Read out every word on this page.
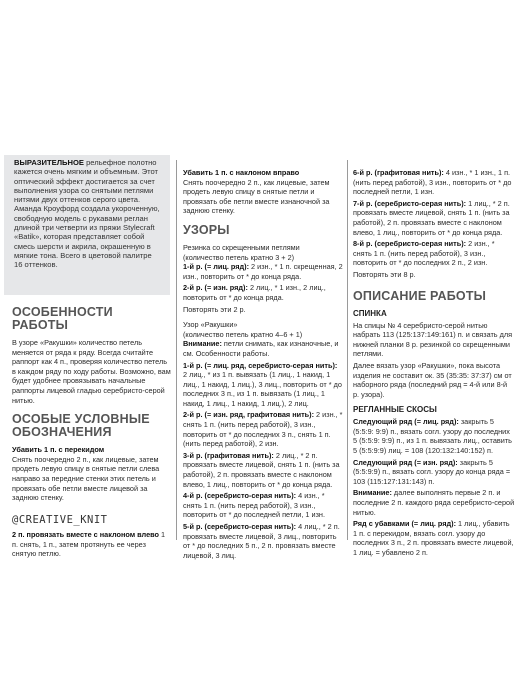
ВЫРАЗИТЕЛЬНОЕ рельефное полотно кажется очень мягким и объемным. Этот оптический эффект достигается за счет выполнения узора со снятыми петлями нитями двух оттенков серого цвета. Аманда Кроуфорд создала укороченную, свободную модель с рукавами реглан длиной три четверти из пряжи Stylecraft «Batik», которая представляет собой смесь шерсти и акрила, окрашенную в мягкие тона. Всего в цветовой палитре 16 оттенков.
ОСОБЕННОСТИ РАБОТЫ

В узоре «Ракушки» количество петель меняется от ряда к ряду. Всегда считайте раппорт как 4 п., проверяя количество петель в каждом ряду по ходу работы. Возможно, вам будет удобнее провязывать начальные раппорты лицевой гладью серебристо-серой нитью.

ОСОБЫЕ УСЛОВНЫЕ ОБОЗНАЧЕНИЯ
Убавить 1 п. с перекидом

Снять поочередно 2 п., как лицевые, затем продеть левую спицу в снятые петли слева направо за передние стенки этих петель и провязать обе петли вместе лицевой за заднюю стенку.

@CREATIVE_KNIT

2 п. провязать вместе с наклоном влево 1 п. снять, 1 п., затем протянуть ее через снятую петлю.

Убавить 1 п. с наклоном вправо

Снять поочередно 2 п., как лицевые, затем продеть левую спицу в снятые петли и провязать обе петли вместе изнаночной за заднюю стенку.

УЗОРЫ
Резинка со скрещенными петлями
(количество петель кратно 3 + 2)

1-й р. (= лиц. ряд): 2 изн., * 1 п. скрещенная, 2 изн., повторить от * до конца ряда.

2-й р. (= изн. ряд): 2 лиц., * 1 изн., 2 лиц., повторить от * до конца ряда.

Повторять эти 2 р.

Узор «Ракушки»
(количество петель кратно 4–6 + 1)

Внимание: петли снимать, как изнаночные, и см. Особенности работы.

1-й р. (= лиц. ряд, серебристо-серая нить): 2 лиц., * из 1 п. вывязать (1 лиц., 1 накид, 1 лиц., 1 накид, 1 лиц.), 3 лиц., повторить от * до последних 3 п., из 1 п. вывязать (1 лиц., 1 накид, 1 лиц., 1 накид, 1 лиц.), 2 лиц.

2-й р. (= изн. ряд, графитовая нить): 2 изн., * снять 1 п. (нить перед работой), 3 изн., повторить от * до последних 3 п., снять 1 п. (нить перед работой), 2 изн.

3-й р. (графитовая нить): 2 лиц., * 2 п. провязать вместе лицевой, снять 1 п. (нить за работой), 2 п. провязать вместе с наклоном влево, 1 лиц., повторить от * до конца ряда.

4-й р. (серебристо-серая нить): 4 изн., * снять 1 п. (нить перед работой), 3 изн., повторить от * до последней петли, 1 изн.

5-й р. (серебристо-серая нить): 4 лиц., * 2 п. провязать вместе лицевой, 3 лиц., повторить от * до последних 5 п., 2 п. провязать вместе лицевой, 3 лиц.

6-й р. (графитовая нить): 4 изн., * 1 изн., 1 п. (нить перед работой), 3 изн., повторить от * до последней петли, 1 изн.

7-й р. (серебристо-серая нить): 1 лиц., * 2 п. провязать вместе лицевой, снять 1 п. (нить за работой), 2 п. провязать вместе с наклоном влево, 1 лиц., повторить от * до конца ряда.

8-й р. (серебристо-серая нить): 2 изн., * снять 1 п. (нить перед работой), 3 изн., повторить от * до последних 2 п., 2 изн.

Повторять эти 8 р.

ОПИСАНИЕ РАБОТЫ
СПИНКА

На спицы № 4 серебристо-серой нитью набрать 113 (125:137:149:161) п. и связать для нижней планки 8 р. резинкой со скрещенными петлями.

Далее вязать узор «Ракушки», пока высота изделия не составит ок. 35 (35:35: 37:37) см от наборного ряда (последний ряд = 4-й или 8-й р. узора).

РЕГЛАННЫЕ СКОСЫ

Следующий ряд (= лиц. ряд): закрыть 5 (5:5:9: 9:9) п., вязать согл. узору до последних 5 (5:5:9: 9:9) п., из 1 п. вывязать лиц., оставить 5 (5:5:9:9) лиц. = 108 (120:132:140:152) п.

Следующий ряд (= изн. ряд): закрыть 5 (5:5:9:9) п., вязать согл. узору до конца ряда = 103 (115:127:131:143) п.

Внимание: далее выполнять первые 2 п. и последние 2 п. каждого ряда серебристо-серой нитью.

Ряд с убавками (= лиц. ряд): 1 лиц., убавить 1 п. с перекидом, вязать согл. узору до последних 3 п., 2 п. провязать вместе лицевой, 1 лиц. = убавлено 2 п.
